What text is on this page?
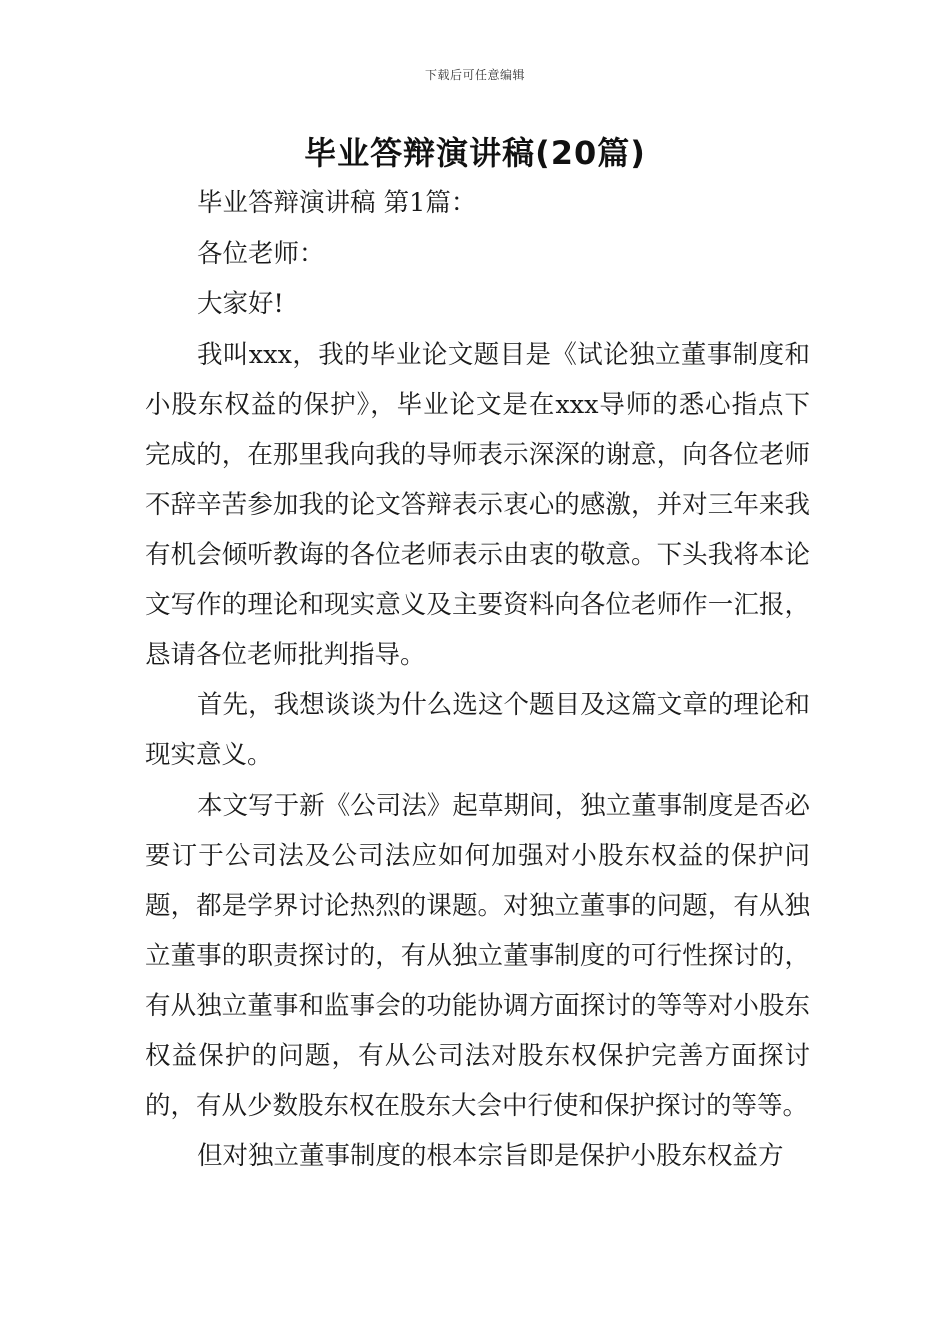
下载后可任意编辑
毕业答辩演讲稿(20篇)

毕业答辩演讲稿 第1篇：

各位老师：

大家好!

我叫xxx，我的毕业论文题目是《试论独立董事制度和小股东权益的保护》，毕业论文是在xxx导师的悉心指点下完成的，在那里我向我的导师表示深深的谢意，向各位老师不辞辛苦参加我的论文答辩表示衷心的感激，并对三年来我有机会倾听教诲的各位老师表示由衷的敬意。下头我将本论文写作的理论和现实意义及主要资料向各位老师作一汇报，恳请各位老师批判指导。

首先，我想谈谈为什么选这个题目及这篇文章的理论和现实意义。

本文写于新《公司法》起草期间，独立董事制度是否必要订于公司法及公司法应如何加强对小股东权益的保护问题，都是学界讨论热烈的课题。对独立董事的问题，有从独立董事的职责探讨的，有从独立董事制度的可行性探讨的，有从独立董事和监事会的功能协调方面探讨的等等对小股东权益保护的问题，有从公司法对股东权保护完善方面探讨的，有从少数股东权在股东大会中行使和保护探讨的等等。

但对独立董事制度的根本宗旨即是保护小股东权益方
